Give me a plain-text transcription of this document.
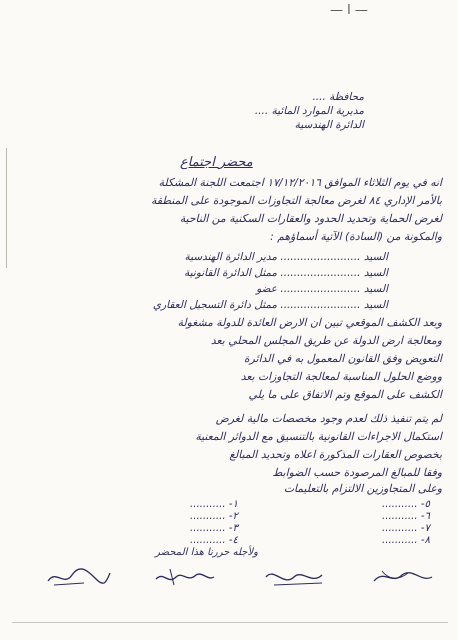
— ا —
محافظة ....
مديرية الموارد المائية ....
الدائرة الهندسية
محضر اجتماع
انه في يوم الثلاثاء الموافق ١٧/١٢/٢٠١٦ اجتمعت اللجنة المشكلة
بالأمر الإداري ٨٤ لغرض معالجة التجاوزات الموجودة على المنطقة
لغرض الحماية وتحديد الحدود والعقارات السكنية من الناحية
والمكونة من (السادة) الآتية أسماؤهم :
السيد ........................ مدير الدائرة الهندسية
السيد ........................ ممثل الدائرة القانونية
السيد ........................ عضو
السيد ........................ ممثل دائرة التسجيل العقاري
وبعد الكشف الموقعي تبين ان الارض العائدة للدولة مشغولة
ومعالجة ارض الدولة عن طريق المجلس المحلي بعد
التعويض وفق القانون المعمول به في الدائرة
ووضع الحلول المناسبة لمعالجة التجاوزات بعد
الكشف على الموقع وتم الاتفاق على ما يلي
لم يتم تنفيذ ذلك لعدم وجود مخصصات مالية لغرض
استكمال الاجراءات القانونية بالتنسيق مع الدوائر المعنية
بخصوص العقارات المذكورة اعلاه وتحديد المبالغ
وفقا للمبالغ المرصودة حسب الضوابط
وعلى المتجاوزين الالتزام بالتعليمات
١- ...........
٢- ...........
٣- ...........
٤- ...........
٥- ...........
٦- ...........
٧- ...........
٨- ...........
ولأجله حررنا هذا المحضر
